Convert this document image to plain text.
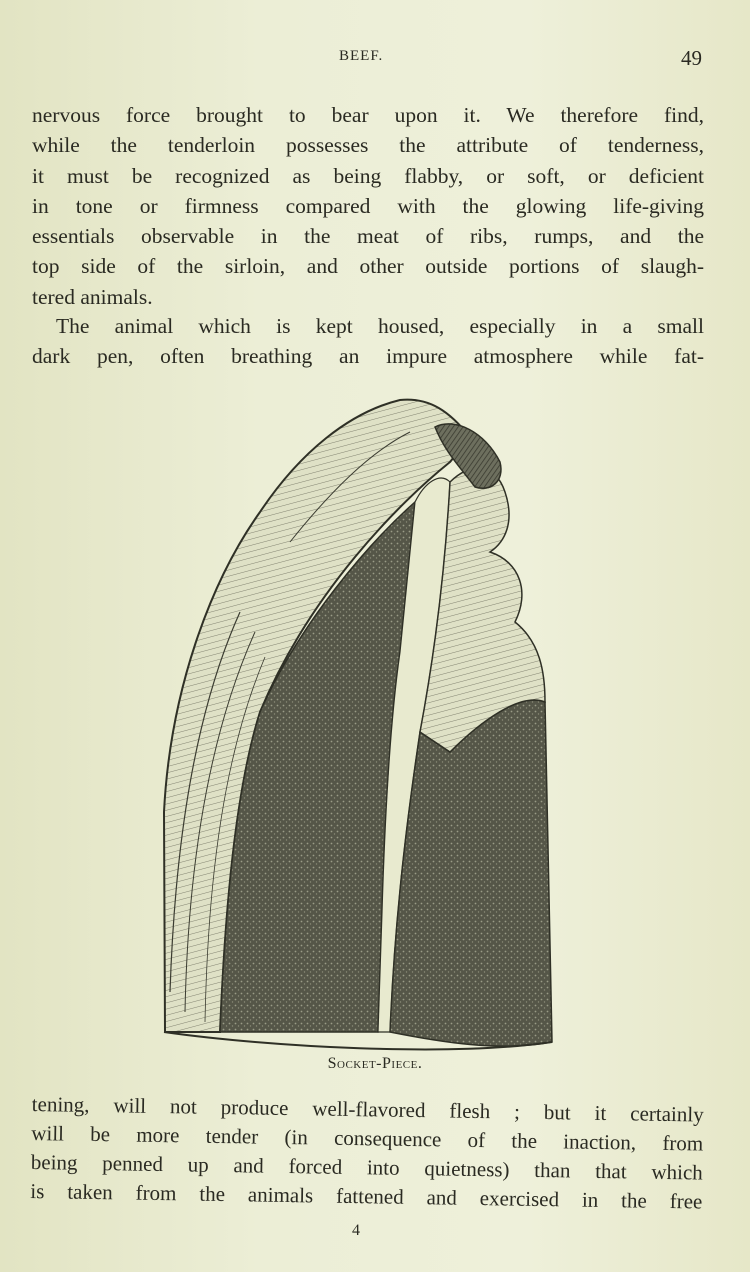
BEEF.	49

nervous force brought to bear upon it. We therefore find,
while the tenderloin possesses the attribute of tenderness,
it must be recognized as being flabby, or soft, or deficient
in tone or firmness compared with the glowing life-giving
essentials observable in the meat of ribs, rumps, and the
top side of the sirloin, and other outside portions of slaugh-
tered animals.

The animal which is kept housed, especially in a small
dark pen, often breathing an impure atmosphere while fat-

Socket-Piece.

tening, will not produce well-flavored flesh ; but it certainly
will be more tender (in consequence of the inaction, from
being penned up and forced into quietness) than that which
is taken from the animals fattened and exercised in the free

4
